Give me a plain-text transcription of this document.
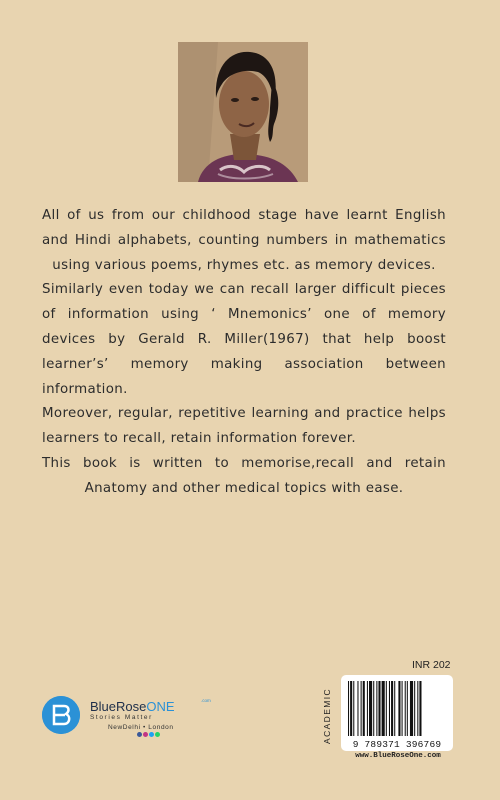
All of us from our childhood stage have learnt English and Hindi alphabets, counting numbers in mathematics using various poems, rhymes etc. as memory devices.

Similarly even today we can recall larger difficult pieces of information using ‘ Mnemonics’ one of memory devices by Gerald R. Miller(1967) that help boost learner’s’ memory making association between information.

Moreover, regular, repetitive learning and practice helps learners to recall, retain information forever.

This book is written to memorise,recall and retain Anatomy and other medical topics with ease.

BlueRoseONE	.com
Stories Matter
NewDelhi • London
INR 202
ACADEMIC
9 789371 396769
www.BlueRoseOne.com
